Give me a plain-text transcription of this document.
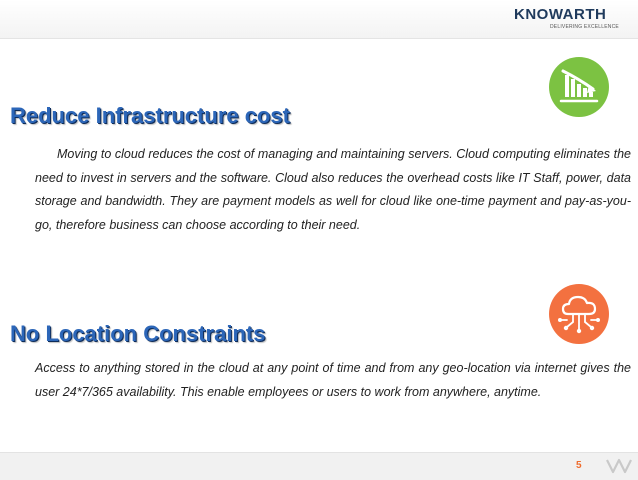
KNOWARTH
DELIVERING EXCELLENCE
Reduce Infrastructure cost

Moving to cloud reduces the cost of managing and maintaining servers. Cloud computing eliminates the need to invest in servers and the software. Cloud also reduces the overhead costs like IT Staff, power, data storage and bandwidth. They are payment models as well for cloud like one-time payment and pay-as-you-go, therefore business can choose according to their need.

No Location Constraints

Access to anything stored in the cloud at any point of time and from any geo-location via internet gives the user 24*7/365 availability. This enable employees or users to work from anywhere, anytime.

5
